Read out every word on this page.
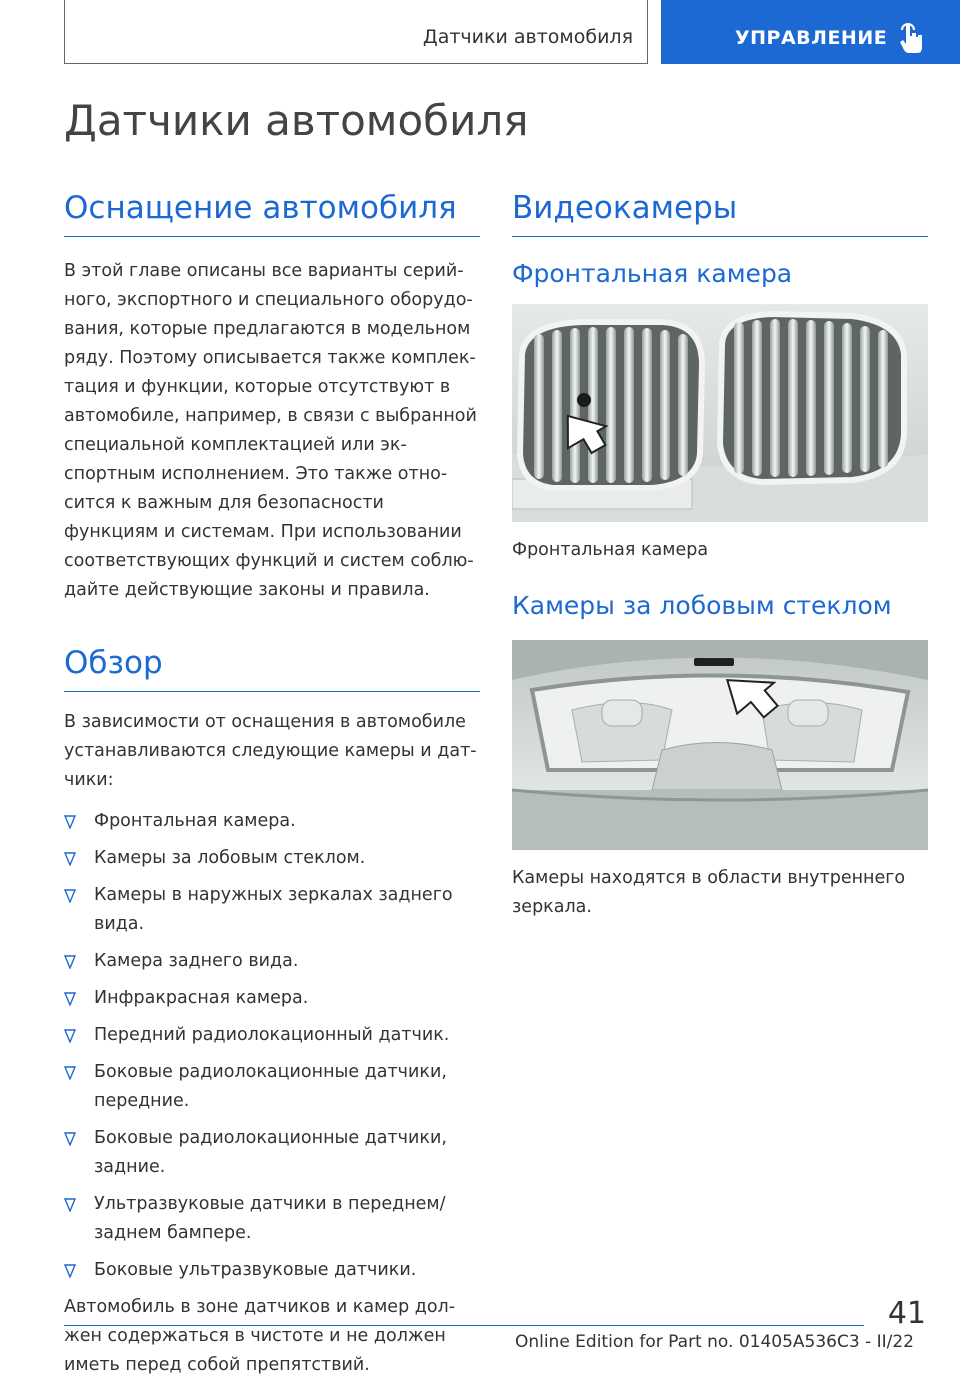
Датчики автомобиля	УПРАВЛЕНИЕ
Датчики автомобиля
Оснащение автомобиля

В этой главе описаны все варианты серийного, экспортного и специального оборудования, которые предлагаются в модельном ряду. Поэтому описывается также комплектация и функции, которые отсутствуют в автомобиле, например, в связи с выбранной специальной комплектацией или экспортным исполнением. Это также относится к важным для безопасности функциям и системам. При использовании соответствующих функций и систем соблюдайте действующие законы и правила.

Обзор

В зависимости от оснащения в автомобиле устанавливаются следующие камеры и датчики:

Фронтальная камера.
Камеры за лобовым стеклом.
Камеры в наружных зеркалах заднего вида.
Камера заднего вида.
Инфракрасная камера.
Передний радиолокационный датчик.
Боковые радиолокационные датчики, передние.
Боковые радиолокационные датчики, задние.
Ультразвуковые датчики в переднем/ заднем бампере.
Боковые ультразвуковые датчики.

Автомобиль в зоне датчиков и камер должен содержаться в чистоте и не должен иметь перед собой препятствий.

Видеокамеры
Фронтальная камера

Фронтальная камера

Камеры за лобовым стеклом

Камеры находятся в области внутреннего зеркала.

41
Online Edition for Part no. 01405A536C3 - II/22
